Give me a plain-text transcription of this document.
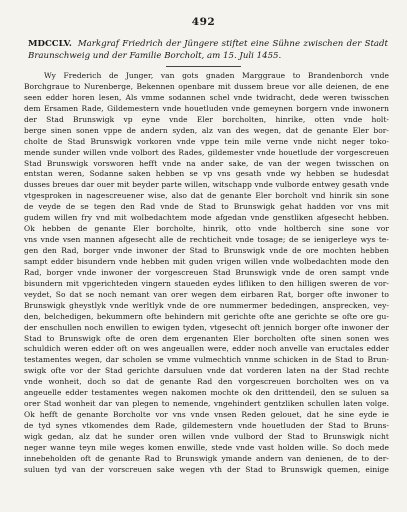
492
MDCCLV. Markgraf Friedrich der Jüngere stiftet eine Sühne zwischen der Stadt Braunschweig und der Familie Borcholt, am 15. Juli 1455.
Wy Frederich de Junger, van gots gnaden Marggraue to Brandenborch vnde
Borchgraue to Nurenberge, Bekennen openbare mit dussem breue vor alle deienen, de ene
seen edder horen lesen, Als vmme sodannen schel vnde twidracht, dede weren twisschen
dem Ersamen Rade, Gildemestern vnde houetluden vnde gemeynen borgern vnde inwonern
der Stad Brunswigk vp eyne vnde Eler borcholten, hinrike, otten vnde holt-
berge sinen sonen vppe de andern syden, alz van des wegen, dat de genante Eler bor-
cholte de Stad Brunswigk vorkoren vnde vppe tein mile verne vnde nicht neger toko-
mende sunder willen vnde volbort des Rades, gildemester vnde houetlude der vorgescreuen
Stad Brunswigk vorsworen hefft vnde na ander sake, de van der wegen twisschen on
entstan weren, Sodanne saken hebben se vp vns gesath vnde wy hebben se hudesdat
dusses breues dar ouer mit beyder parte willen, witschapp vnde vulborde entwey gesath vnde
vtgesproken in nagescreuener wise, also dat de genante Eler borcholt vnd hinrik sin sone
de veyde de se tegen den Rad vnde de Stad to Brunswigk gehat hadden vor vns mit
gudem willen fry vnd mit wolbedachtem mode afgedan vnde genstliken afgesecht hebben.
Ok hebben de genante Eler borcholte, hinrik, otto vnde holtberch sine sone vor
vns vnde vsen mannen afgesecht alle de rechticheit vnde tosage; de se ienigerleye wys te-
gen den Rad, borger vnde inwoner der Stad to Brunswigk vnde de ore mochten hebben
sampt edder bisundern vnde hebben mit guden vrigen willen vnde wolbedachten mode den
Rad, borger vnde inwoner der vorgescreuen Stad Brunswigk vnde de oren sampt vnde
bisundern mit vpgerichteden vingern staueden eydes lifliken to den hilligen sweren de vor-
veydet, So dat se noch nemant van orer wegen dem eirbaren Rat, borger ofte inwoner to
Brunswigk gheystlyk vnde werltlyk vnde de ore nummermer bededingen, ansprecken, vey-
den, belchedigen, bekummern ofte behindern mit gerichte ofte ane gerichte se ofte ore gu-
der enschullen noch enwillen to ewigen tyden, vtgesecht oft jennich borger ofte inwoner der
Stad to Brunswigk ofte de oren dem ergenanten Eler borcholten ofte sinen sonen wes
schuldich weren edder oft on wes angeuallen were, edder noch anvelle van eructales edder
testamentes wegen, dar scholen se vmme vulmechtich vnnme schicken in de Stad to Brun-
swigk ofte vor der Stad gerichte darsuluen vnde dat vorderen laten na der Stad rechte
vnde wonheit, doch so dat de genante Rad den vorgescreuen borcholten wes on va
angeuelle edder testamentes wegen nakomen mochte ok den drittendeil, den se suluen sa
orer Stad wonheit dar van plegen to nemende, vngehindert gentzliken schullen laten volge.
Ok hefft de genante Borcholte vor vns vnde vnsen Reden gelouet, dat he sine eyde ie
de tyd synes vtkomendes dem Rade, gildemestern vnde houetluden der Stad to Bruns-
wigk gedan, alz dat he sunder oren willen vnde vulbord der Stad to Brunswigk nicht
neger wanne teyn mile weges komen enwille, stede vnde vast holden wille. So doch mede
innebeholden oft de genante Rad to Brunswigk ymande andern van denienen, de to der-
suluen tyd van der vorscreuen sake wegen vth der Stad to Brunswigk quemen, einige
